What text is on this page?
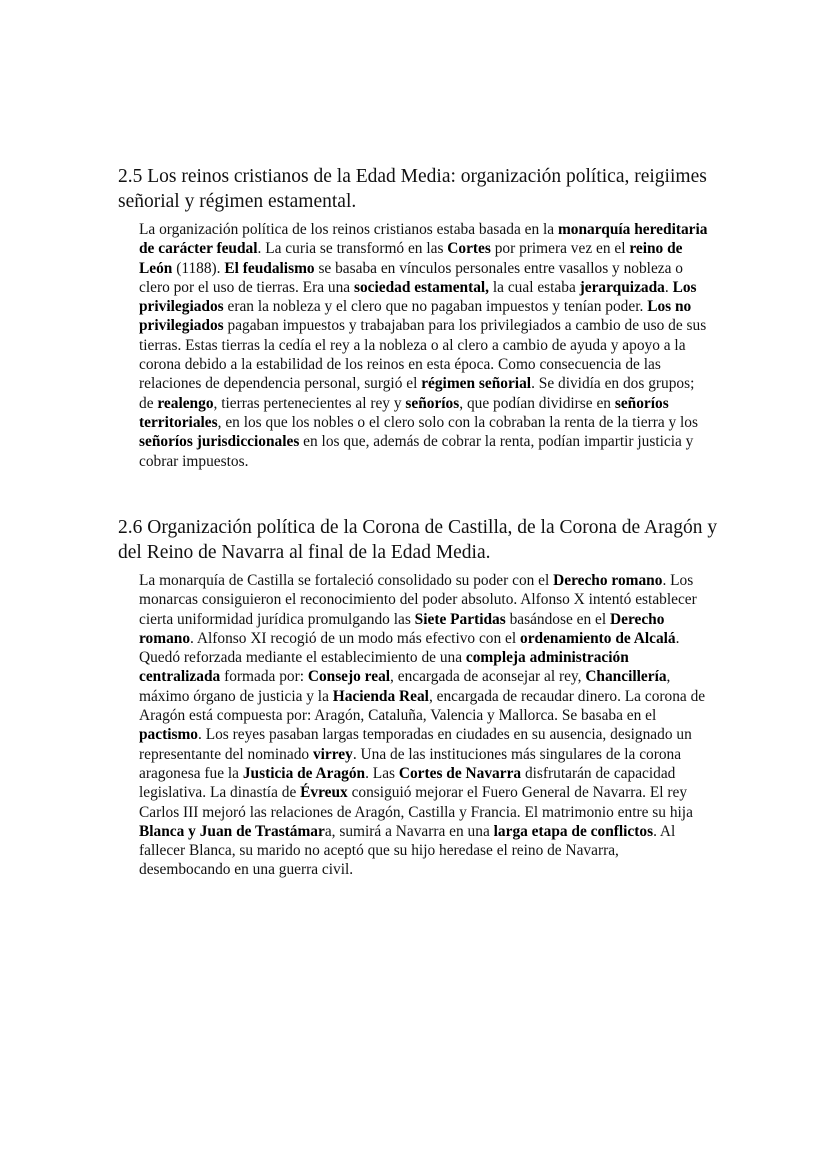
2.5 Los reinos cristianos de la Edad Media: organización política, reigiimes señorial y régimen estamental.

La organización política de los reinos cristianos estaba basada en la monarquía hereditaria de carácter feudal. La curia se transformó en las Cortes por primera vez en el reino de León (1188). El feudalismo se basaba en vínculos personales entre vasallos y nobleza o clero por el uso de tierras. Era una sociedad estamental, la cual estaba jerarquizada. Los privilegiados eran la nobleza y el clero que no pagaban impuestos y tenían poder. Los no privilegiados pagaban impuestos y trabajaban para los privilegiados a cambio de uso de sus tierras. Estas tierras la cedía el rey a la nobleza o al clero a cambio de ayuda y apoyo a la corona debido a la estabilidad de los reinos en esta época. Como consecuencia de las relaciones de dependencia personal, surgió el régimen señorial. Se dividía en dos grupos; de realengo, tierras pertenecientes al rey y señoríos, que podían dividirse en señoríos territoriales, en los que los nobles o el clero solo con la cobraban la renta de la tierra y los señoríos jurisdiccionales en los que, además de cobrar la renta, podían impartir justicia y cobrar impuestos.

2.6 Organización política de la Corona de Castilla, de la Corona de Aragón y del Reino de Navarra al final de la Edad Media.

La monarquía de Castilla se fortaleció consolidado su poder con el Derecho romano. Los monarcas consiguieron el reconocimiento del poder absoluto. Alfonso X intentó establecer cierta uniformidad jurídica promulgando las Siete Partidas basándose en el Derecho romano. Alfonso XI recogió de un modo más efectivo con el ordenamiento de Alcalá. Quedó reforzada mediante el establecimiento de una compleja administración centralizada formada por: Consejo real, encargada de aconsejar al rey, Chancillería, máximo órgano de justicia y la Hacienda Real, encargada de recaudar dinero. La corona de Aragón está compuesta por: Aragón, Cataluña, Valencia y Mallorca. Se basaba en el pactismo. Los reyes pasaban largas temporadas en ciudades en su ausencia, designado un representante del nominado virrey. Una de las instituciones más singulares de la corona aragonesa fue la Justicia de Aragón. Las Cortes de Navarra disfrutarán de capacidad legislativa. La dinastía de Évreux consiguió mejorar el Fuero General de Navarra. El rey Carlos III mejoró las relaciones de Aragón, Castilla y Francia. El matrimonio entre su hija Blanca y Juan de Trastámara, sumirá a Navarra en una larga etapa de conflictos. Al fallecer Blanca, su marido no aceptó que su hijo heredase el reino de Navarra, desembocando en una guerra civil.
